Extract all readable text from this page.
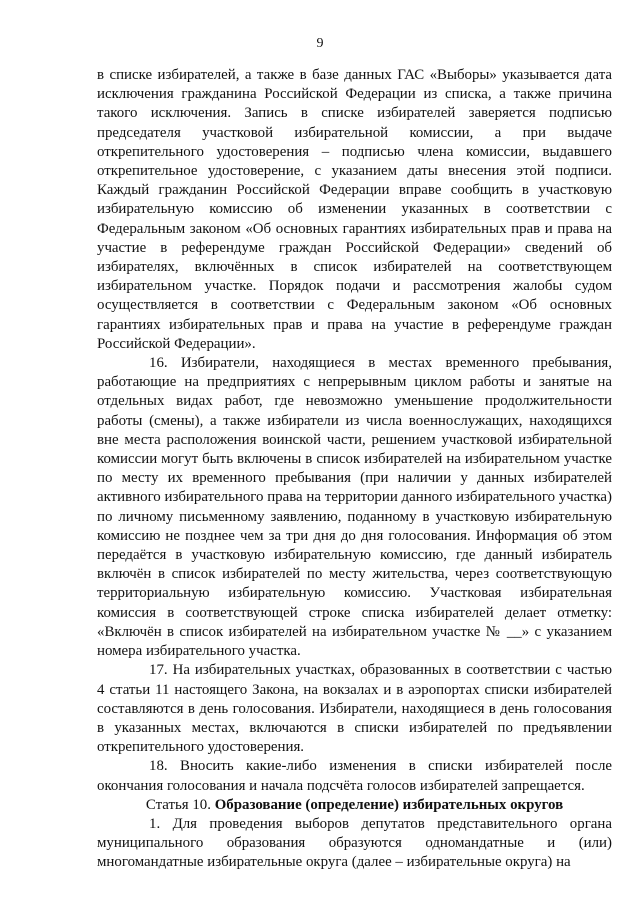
9

в списке избирателей, а также в базе данных ГАС «Выборы» указывается дата исключения гражданина Российской Федерации из списка, а также причина такого исключения. Запись в списке избирателей заверяется подписью председателя участковой избирательной комиссии, а при выдаче открепительного удостоверения – подписью члена комиссии, выдавшего открепительное удостоверение, с указанием даты внесения этой подписи. Каждый гражданин Российской Федерации вправе сообщить в участковую избирательную комиссию об изменении указанных в соответствии с Федеральным законом «Об основных гарантиях избирательных прав и права на участие в референдуме граждан Российской Федерации» сведений об избирателях, включённых в список избирателей на соответствующем избирательном участке. Порядок подачи и рассмотрения жалобы судом осуществляется в соответствии с Федеральным законом «Об основных гарантиях избирательных прав и права на участие в референдуме граждан Российской Федерации».

16. Избиратели, находящиеся в местах временного пребывания, работающие на предприятиях с непрерывным циклом работы и занятые на отдельных видах работ, где невозможно уменьшение продолжительности работы (смены), а также избиратели из числа военнослужащих, находящихся вне места расположения воинской части, решением участковой избирательной комиссии могут быть включены в список избирателей на избирательном участке по месту их временного пребывания (при наличии у данных избирателей активного избирательного права на территории данного избирательного участка) по личному письменному заявлению, поданному в участковую избирательную комиссию не позднее чем за три дня до дня голосования. Информация об этом передаётся в участковую избирательную комиссию, где данный избиратель включён в список избирателей по месту жительства, через соответствующую территориальную избирательную комиссию. Участковая избирательная комиссия в соответствующей строке списка избирателей делает отметку: «Включён в список избирателей на избирательном участке № __» с указанием номера избирательного участка.

17. На избирательных участках, образованных в соответствии с частью 4 статьи 11 настоящего Закона, на вокзалах и в аэропортах списки избирателей составляются в день голосования. Избиратели, находящиеся в день голосования в указанных местах, включаются в списки избирателей по предъявлении открепительного удостоверения.

18. Вносить какие-либо изменения в списки избирателей после окончания голосования и начала подсчёта голосов избирателей запрещается.

Статья 10. Образование (определение) избирательных округов

1. Для проведения выборов депутатов представительного органа муниципального образования образуются одномандатные и (или) многомандатные избирательные округа (далее – избирательные округа) на
